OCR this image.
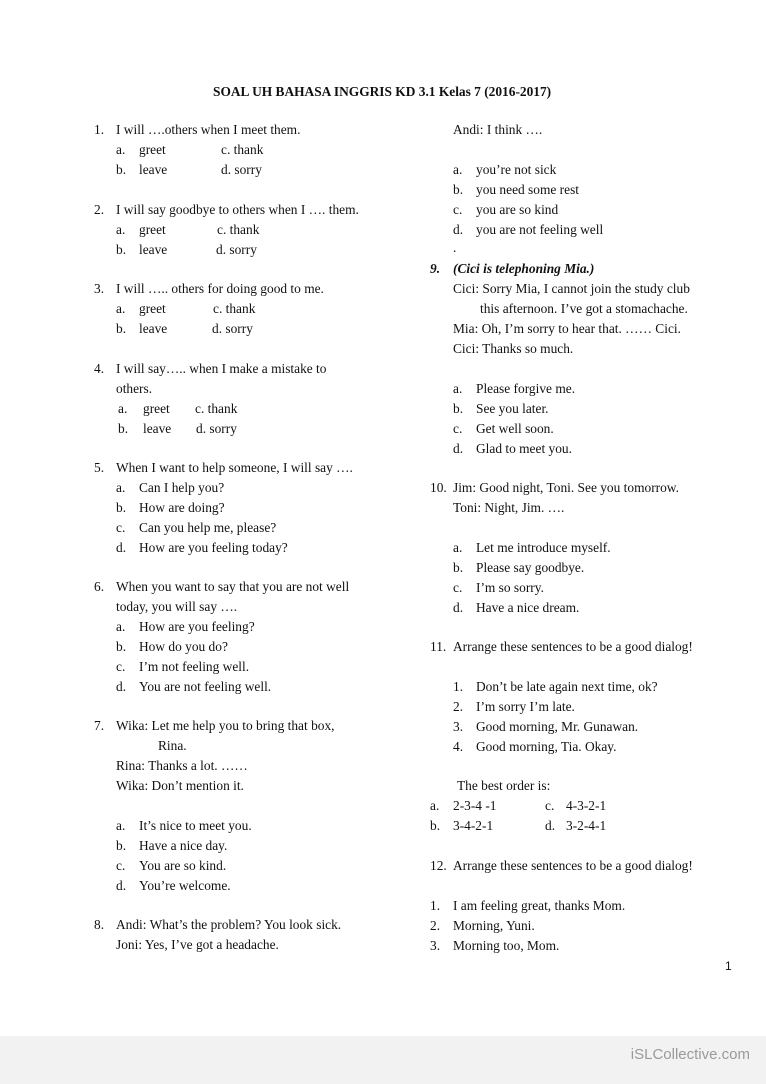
SOAL UH BAHASA INGGRIS KD 3.1 Kelas 7 (2016-2017)
1. I will ….others when I meet them.
a. greet	c. thank
b. leave	d. sorry
2. I will say goodbye to others when I …. them.
a. greet	c. thank
b. leave	d. sorry
3. I will ….. others for doing good to me.
a. greet	c. thank
b. leave	d. sorry
4. I will say….. when I make a mistake to
others.
a. greet c. thank
b. leave d. sorry
5. When I want to help someone, I will say ….
a. Can I help you?
b. How are doing?
c. Can you help me, please?
d. How are you feeling today?
6. When you want to say that you are not well
today, you will say ….
a. How are you feeling?
b. How do you do?
c. I’m not feeling well.
d. You are not feeling well.
7. Wika: Let me help you to bring that box,
Rina.
Rina: Thanks a lot. ……
Wika: Don’t mention it.
a. It’s nice to meet you.
b. Have a nice day.
c. You are so kind.
d. You’re welcome.
8. Andi: What’s the problem? You look sick.
Joni: Yes, I’ve got a headache.
Andi: I think ….
a. you’re not sick
b. you need some rest
c. you are so kind
d. you are not feeling well
.
9. (Cici is telephoning Mia.)
Cici: Sorry Mia, I cannot join the study club
this afternoon. I’ve got a stomachache.
Mia: Oh, I’m sorry to hear that. …… Cici.
Cici: Thanks so much.
a. Please forgive me.
b. See you later.
c. Get well soon.
d. Glad to meet you.
10. Jim: Good night, Toni. See you tomorrow.
Toni: Night, Jim. ….
a. Let me introduce myself.
b. Please say goodbye.
c. I’m so sorry.
d. Have a nice dream.
11. Arrange these sentences to be a good dialog!
1. Don’t be late again next time, ok?
2. I’m sorry I’m late.
3. Good morning, Mr. Gunawan.
4. Good morning, Tia. Okay.
The best order is:
a. 2-3-4 -1	c. 4-3-2-1
b. 3-4-2-1	d. 3-2-4-1
12. Arrange these sentences to be a good dialog!
1. I am feeling great, thanks Mom.
2. Morning, Yuni.
3. Morning too, Mom.
1
iSLCollective.com
